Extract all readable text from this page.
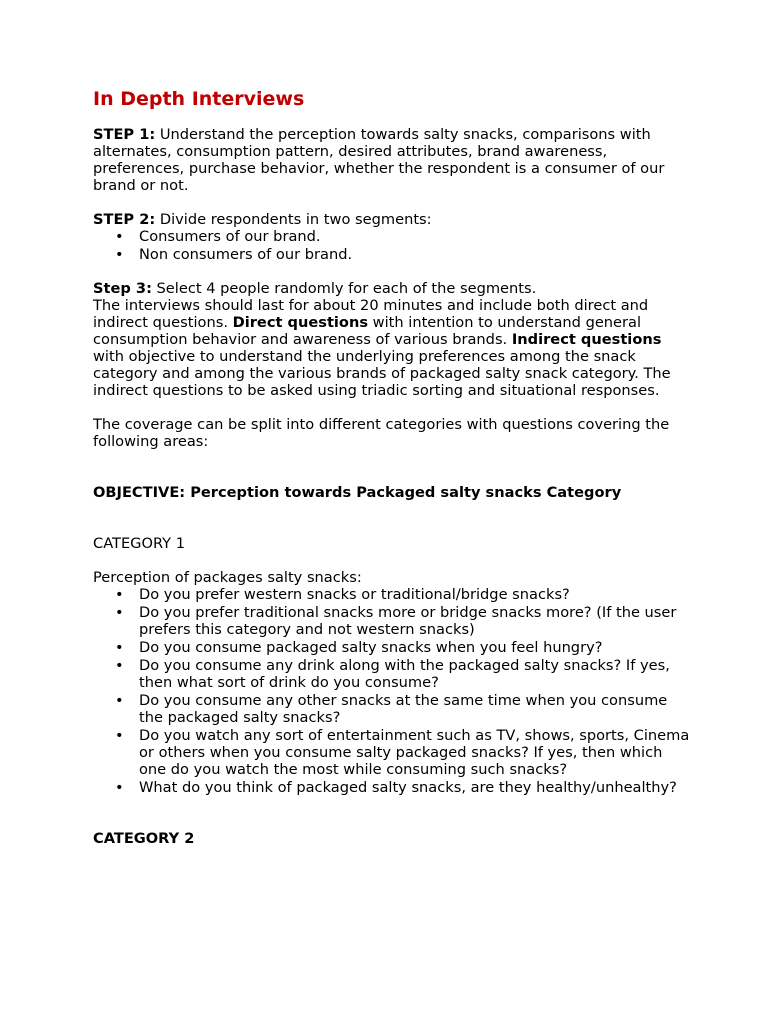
In Depth Interviews

STEP 1: Understand the perception towards salty snacks, comparisons with alternates, consumption pattern, desired attributes, brand awareness, preferences, purchase behavior, whether the respondent is a consumer of our brand or not.

STEP 2: Divide respondents in two segments:

• Consumers of our brand.
• Non consumers of our brand.

Step 3: Select 4 people randomly for each of the segments.

The interviews should last for about 20 minutes and include both direct and indirect questions. Direct questions with intention to understand general consumption behavior and awareness of various brands. Indirect questions with objective to understand the underlying preferences among the snack category and among the various brands of packaged salty snack category. The indirect questions to be asked using triadic sorting and situational responses.

The coverage can be split into different categories with questions covering the following areas:

OBJECTIVE: Perception towards Packaged salty snacks Category

CATEGORY 1

Perception of packages salty snacks:

• Do you prefer western snacks or traditional/bridge snacks?
• Do you prefer traditional snacks more or bridge snacks more? (If the user prefers this category and not western snacks)
• Do you consume packaged salty snacks when you feel hungry?
• Do you consume any drink along with the packaged salty snacks? If yes, then what sort of drink do you consume?
• Do you consume any other snacks at the same time when you consume the packaged salty snacks?
• Do you watch any sort of entertainment such as TV, shows, sports, Cinema or others when you consume salty packaged snacks? If yes, then which one do you watch the most while consuming such snacks?
• What do you think of packaged salty snacks, are they healthy/unhealthy?

CATEGORY 2
